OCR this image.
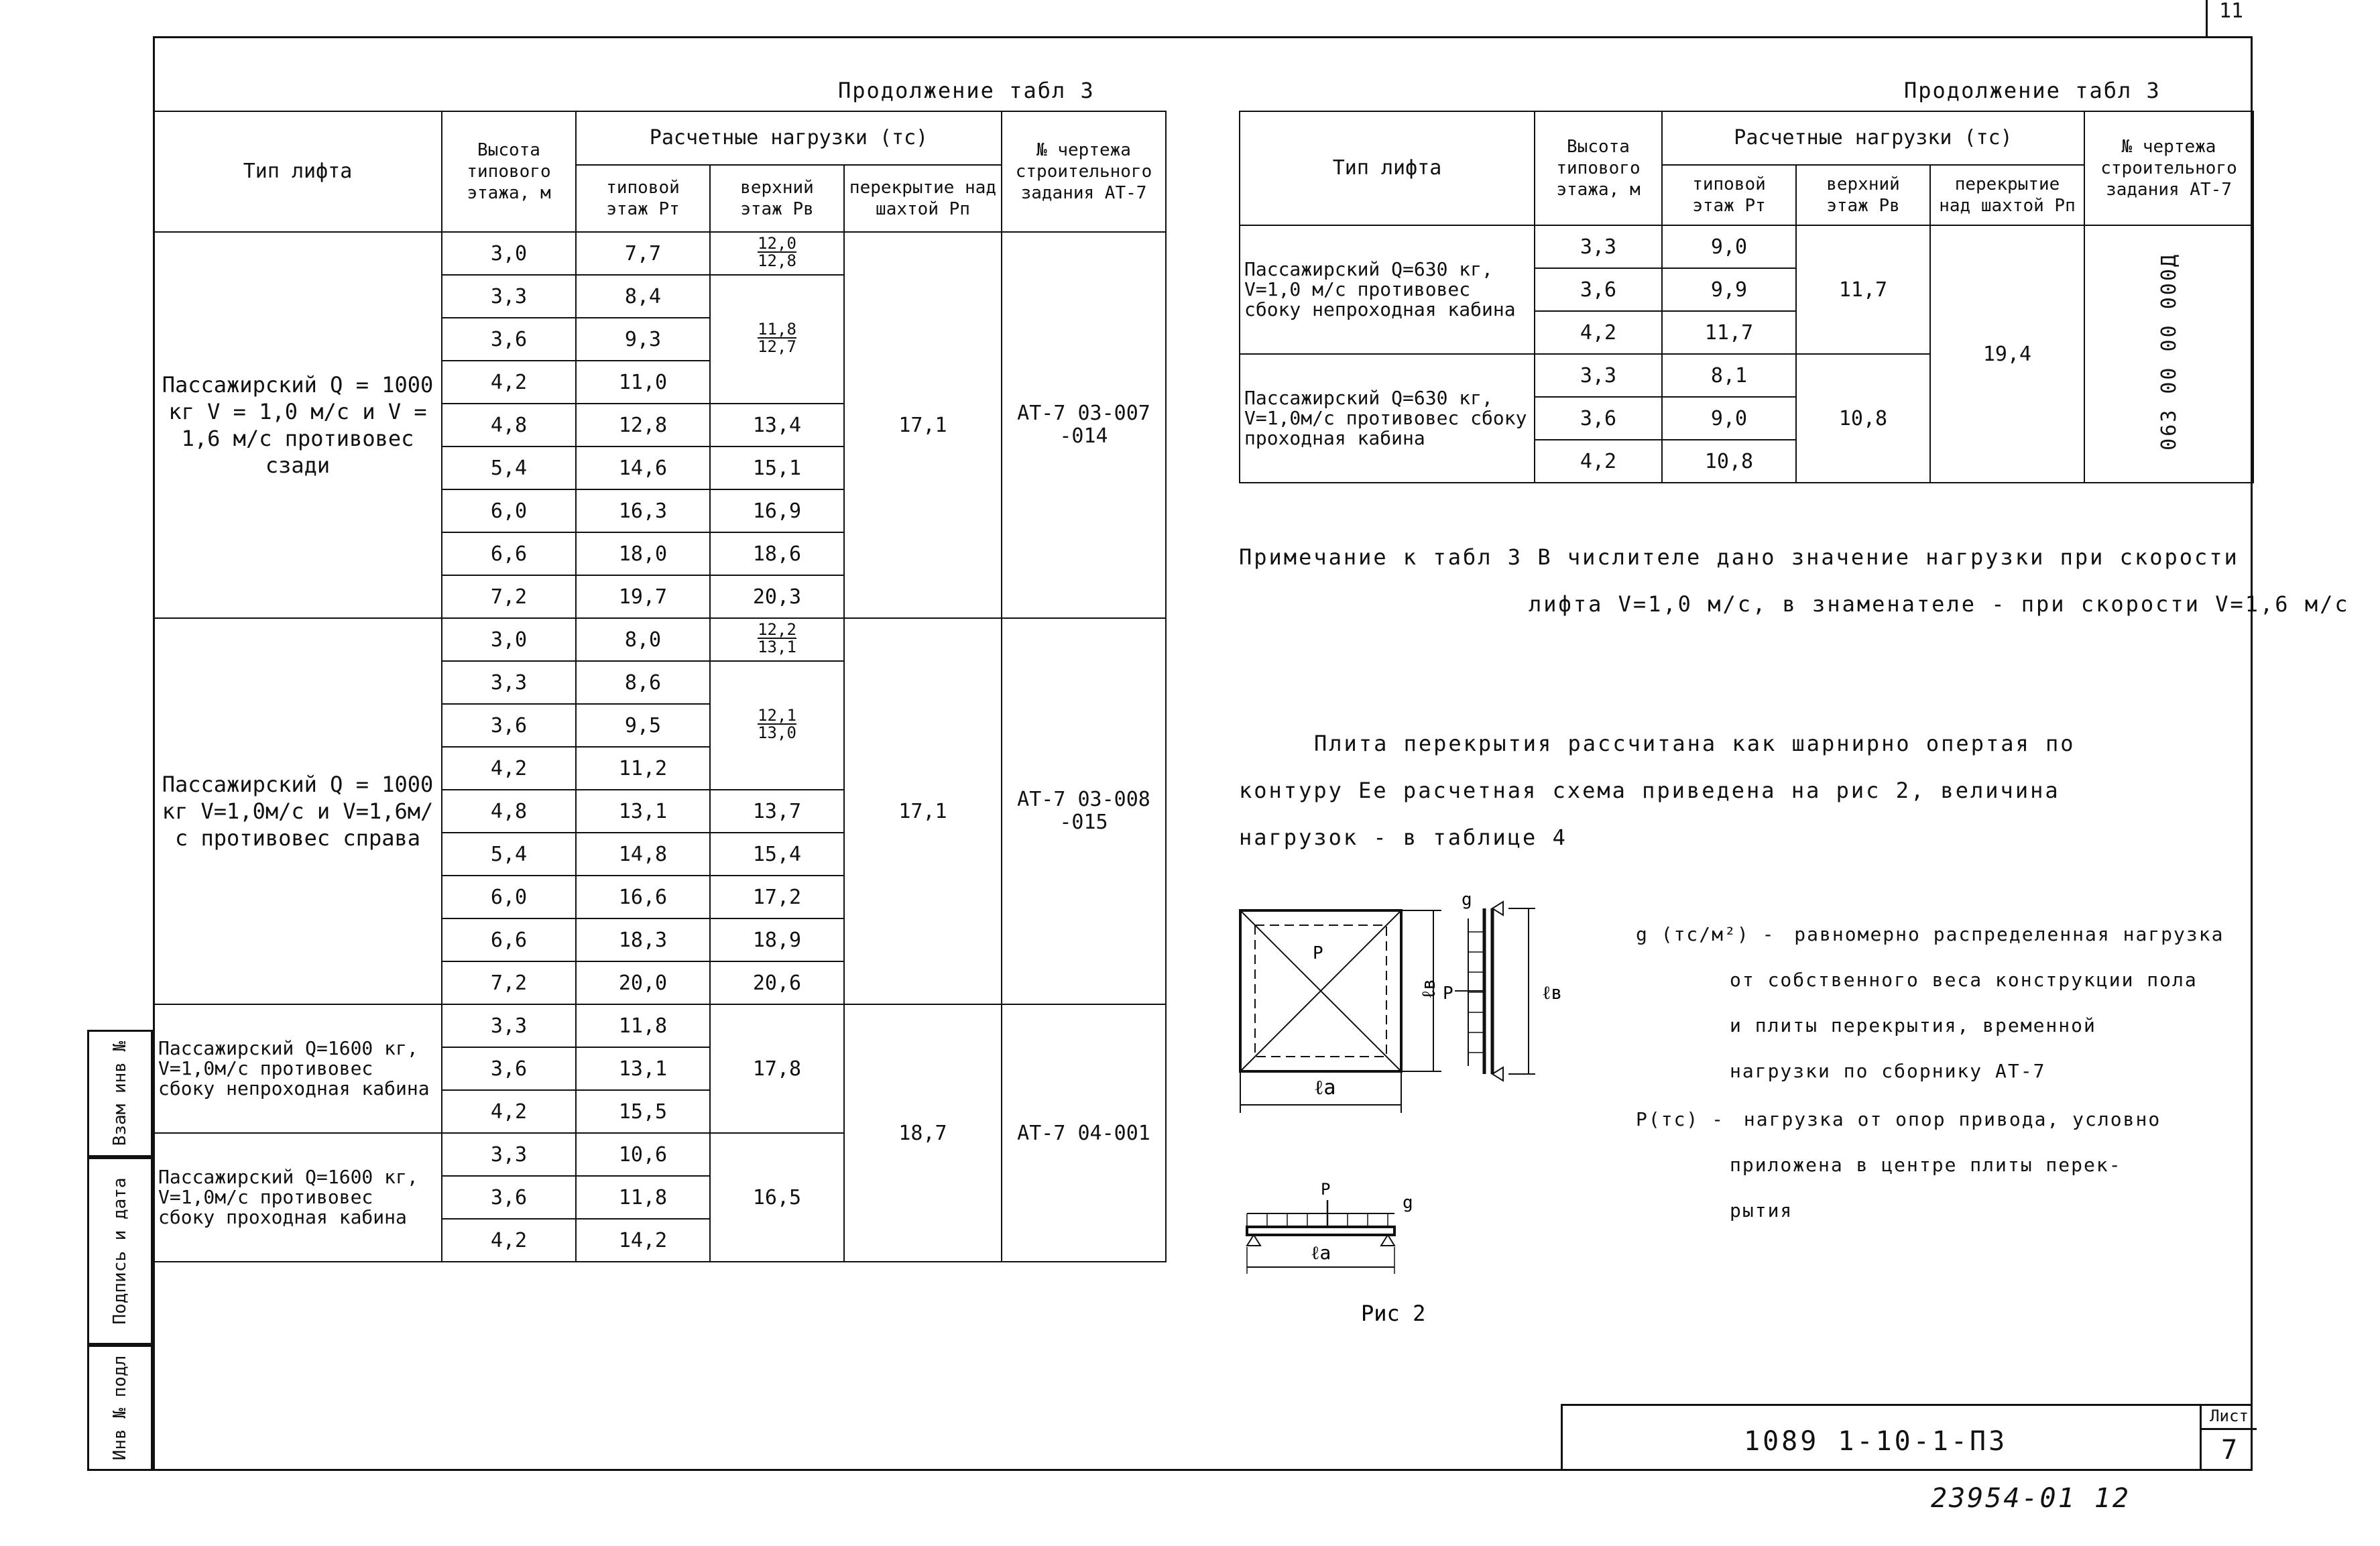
11
Взам инв №
Подпись и дата
Инв № подл
Продолжение табл 3
Тип лифта	Высота типового этажа, м	Расчетные нагрузки (тс)			№ чертежа строительного задания АТ-7
		типовой этаж Рт	верхний этаж Рв	перекрытие над шахтой Рп	
Пассажирский Q = 1000 кг V = 1,0 м/с и V = 1,6 м/с противовес сзади	3,0	7,7	$\frac{12,0}{12,8}$	17,1	АТ-7 03-007 -014
	3,3	8,4	$\frac{11,8}{12,7}$

	3,6	9,3			
	4,2	11,0			
	4,8	12,8	13,4		
	5,4	14,6	15,1		
	6,0	16,3	16,9		
	6,6	18,0	18,6		
	7,2	19,7	20,3		
Пассажирский Q = 1000 кг V=1,0м/с и V=1,6м/с противовес справа	3,0	8,0	$\frac{12,2}{13,1}$	17,1	АТ-7 03-008 -015
	3,3	8,6	$\frac{12,1}{13,0}$

	3,6	9,5			
	4,2	11,2			
	4,8	13,1	13,7		
	5,4	14,8	15,4		
	6,0	16,6	17,2		
	6,6	18,3	18,9		
	7,2	20,0	20,6		
Пассажирский Q=1600 кг, V=1,0м/с противовес сбоку непроходная кабина	3,3	11,8	17,8	18,7	АТ-7 04-001
	3,6	13,1			
	4,2	15,5			
Пассажирский Q=1600 кг, V=1,0м/с противовес сбоку проходная кабина	3,3	10,6	16,5		
	3,6	11,8			
	4,2	14,2			
Продолжение табл 3
Тип лифта	Высота типового этажа, м	Расчетные нагрузки (тс)			№ чертежа строительного задания АТ-7
		типовой этаж Рт	верхний этаж Рв	перекрытие над шахтой Рп	
Пассажирский Q=630 кг, V=1,0 м/с противовес сбоку непроходная кабина	3,3	9,0	11,7	19,4	063 00 00 000Д
	3,6	9,9			
	4,2	11,7			
Пассажирский Q=630 кг, V=1,0м/с противовес сбоку проходная кабина	3,3	8,1	10,8		
	3,6	9,0			
	4,2	10,8			
Примечание к табл 3 В числителе дано значение нагрузки при скорости
лифта V=1,0 м/с, в знаменателе - при скорости V=1,6 м/с
Плита перекрытия рассчитана как шарнирно опертая по
контуру Ее расчетная схема приведена на рис 2, величина
нагрузок - в таблице 4
ℓа
Р
ℓв
g
Р	ℓв
Р
g
ℓа
Рис 2
g (тс/м²) - равномерно распределенная нагрузка
от собственного веса конструкции пола
и плиты перекрытия, временной
нагрузки по сборнику АТ-7
Р(тс) - нагрузка от опор привода, условно
приложена в центре плиты перек-
рытия
1089 1-10-1-ПЗ
Лист
7
23954-01 12
